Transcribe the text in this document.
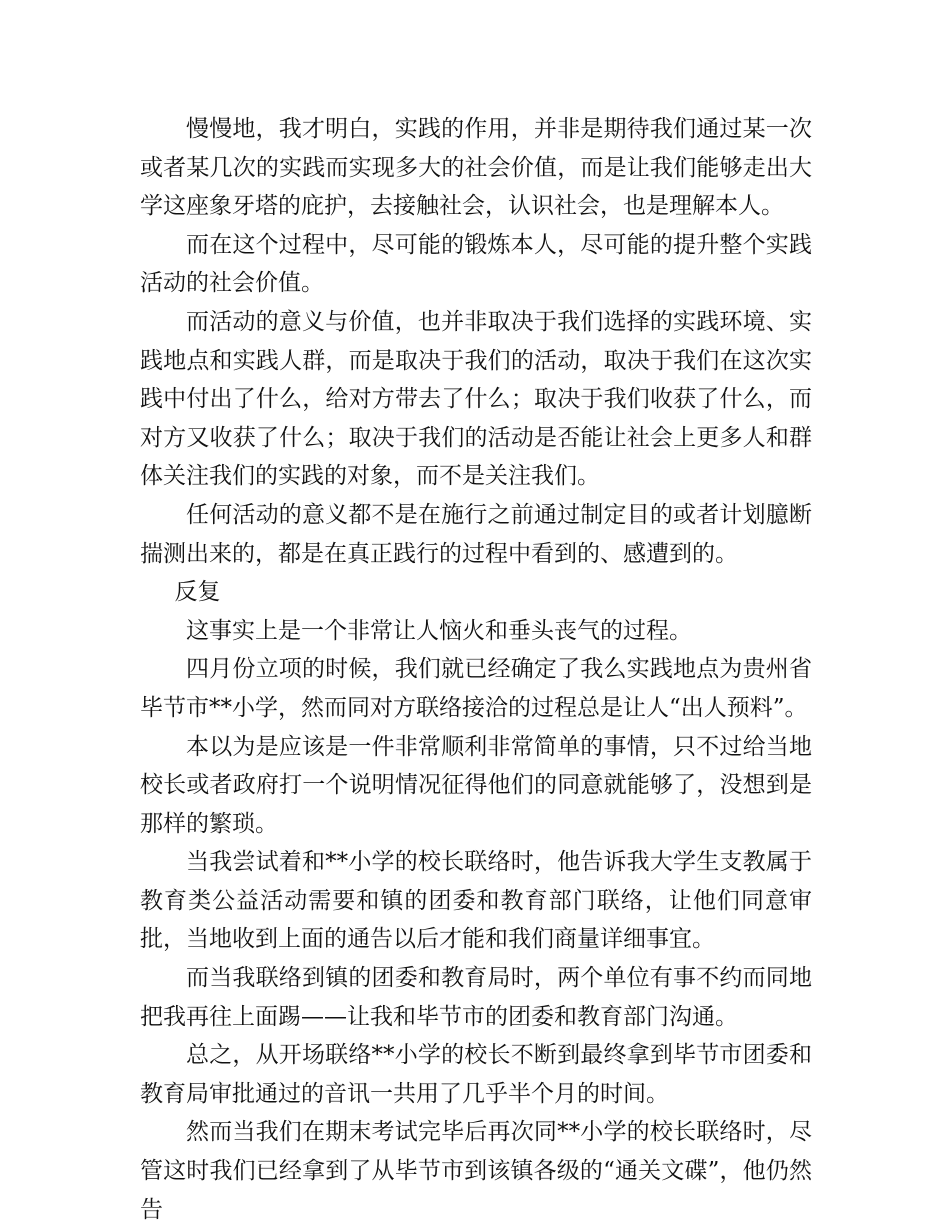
慢慢地，我才明白，实践的作用，并非是期待我们通过某一次或者某几次的实践而实现多大的社会价值，而是让我们能够走出大学这座象牙塔的庇护，去接触社会，认识社会，也是理解本人。

而在这个过程中，尽可能的锻炼本人，尽可能的提升整个实践活动的社会价值。

而活动的意义与价值，也并非取决于我们选择的实践环境、实践地点和实践人群，而是取决于我们的活动，取决于我们在这次实践中付出了什么，给对方带去了什么；取决于我们收获了什么，而对方又收获了什么；取决于我们的活动是否能让社会上更多人和群体关注我们的实践的对象，而不是关注我们。

任何活动的意义都不是在施行之前通过制定目的或者计划臆断揣测出来的，都是在真正践行的过程中看到的、感遭到的。

反复

这事实上是一个非常让人恼火和垂头丧气的过程。

四月份立项的时候，我们就已经确定了我么实践地点为贵州省毕节市**小学，然而同对方联络接洽的过程总是让人“出人预料”。

本以为是应该是一件非常顺利非常简单的事情，只不过给当地校长或者政府打一个说明情况征得他们的同意就能够了，没想到是那样的繁琐。

当我尝试着和**小学的校长联络时，他告诉我大学生支教属于教育类公益活动需要和镇的团委和教育部门联络，让他们同意审批，当地收到上面的通告以后才能和我们商量详细事宜。

而当我联络到镇的团委和教育局时，两个单位有事不约而同地把我再往上面踢——让我和毕节市的团委和教育部门沟通。

总之，从开场联络**小学的校长不断到最终拿到毕节市团委和教育局审批通过的音讯一共用了几乎半个月的时间。

然而当我们在期末考试完毕后再次同**小学的校长联络时，尽管这时我们已经拿到了从毕节市到该镇各级的“通关文碟”，他仍然告
